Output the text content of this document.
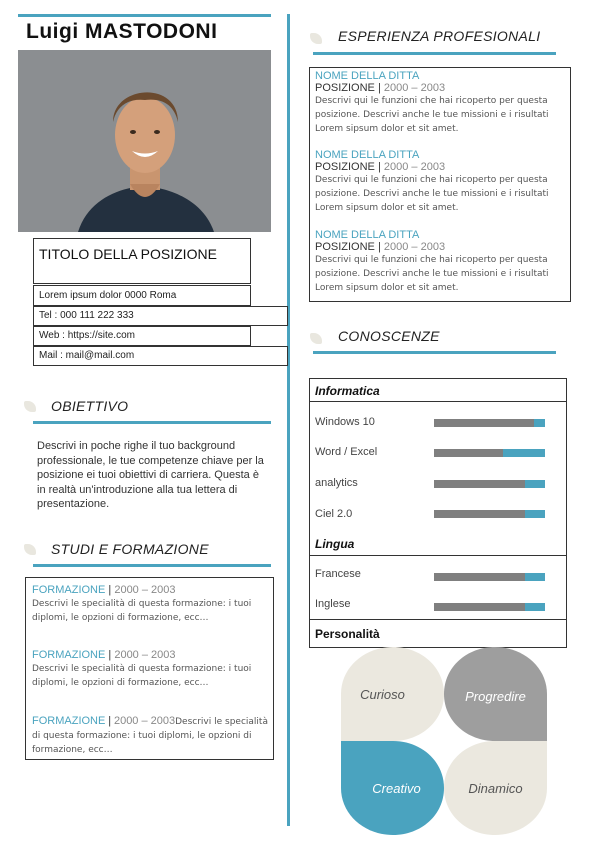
Luigi MASTODONI
TITOLO DELLA POSIZIONE
Lorem ipsum dolor 0000 Roma
Tel : 000 111 222 333
Web : https://site.com
Mail : mail@mail.com
OBIETTIVO
Descrivi in poche righe il tuo background professionale, le tue competenze chiave per la posizione ei tuoi obiettivi di carriera. Questa è in realtà un'introduzione alla tua lettera di presentazione.
STUDI E FORMAZIONE
FORMAZIONE | 2000 – 2003
Descrivi le specialità di questa formazione: i tuoi diplomi, le opzioni di formazione, ecc…
FORMAZIONE | 2000 – 2003
Descrivi le specialità di questa formazione: i tuoi diplomi, le opzioni di formazione, ecc…
FORMAZIONE | 2000 – 2003Descrivi le specialità di questa formazione: i tuoi diplomi, le opzioni di formazione, ecc…
ESPERIENZA PROFESIONALI
NOME DELLA DITTA
POSIZIONE | 2000 – 2003
Descrivi qui le funzioni che hai ricoperto per questa posizione. Descrivi anche le tue missioni e i risultati Lorem sipsum dolor et sit amet.
NOME DELLA DITTA
POSIZIONE | 2000 – 2003
Descrivi qui le funzioni che hai ricoperto per questa posizione. Descrivi anche le tue missioni e i risultati Lorem sipsum dolor et sit amet.
NOME DELLA DITTA
POSIZIONE | 2000 – 2003
Descrivi qui le funzioni che hai ricoperto per questa posizione. Descrivi anche le tue missioni e i risultati Lorem sipsum dolor et sit amet.
CONOSCENZE
Informatica
Windows 10
Word / Excel
analytics
Ciel 2.0
Lingua
Francese
Inglese
Personalità
Curioso	Progredire
Creativo	Dinamico
